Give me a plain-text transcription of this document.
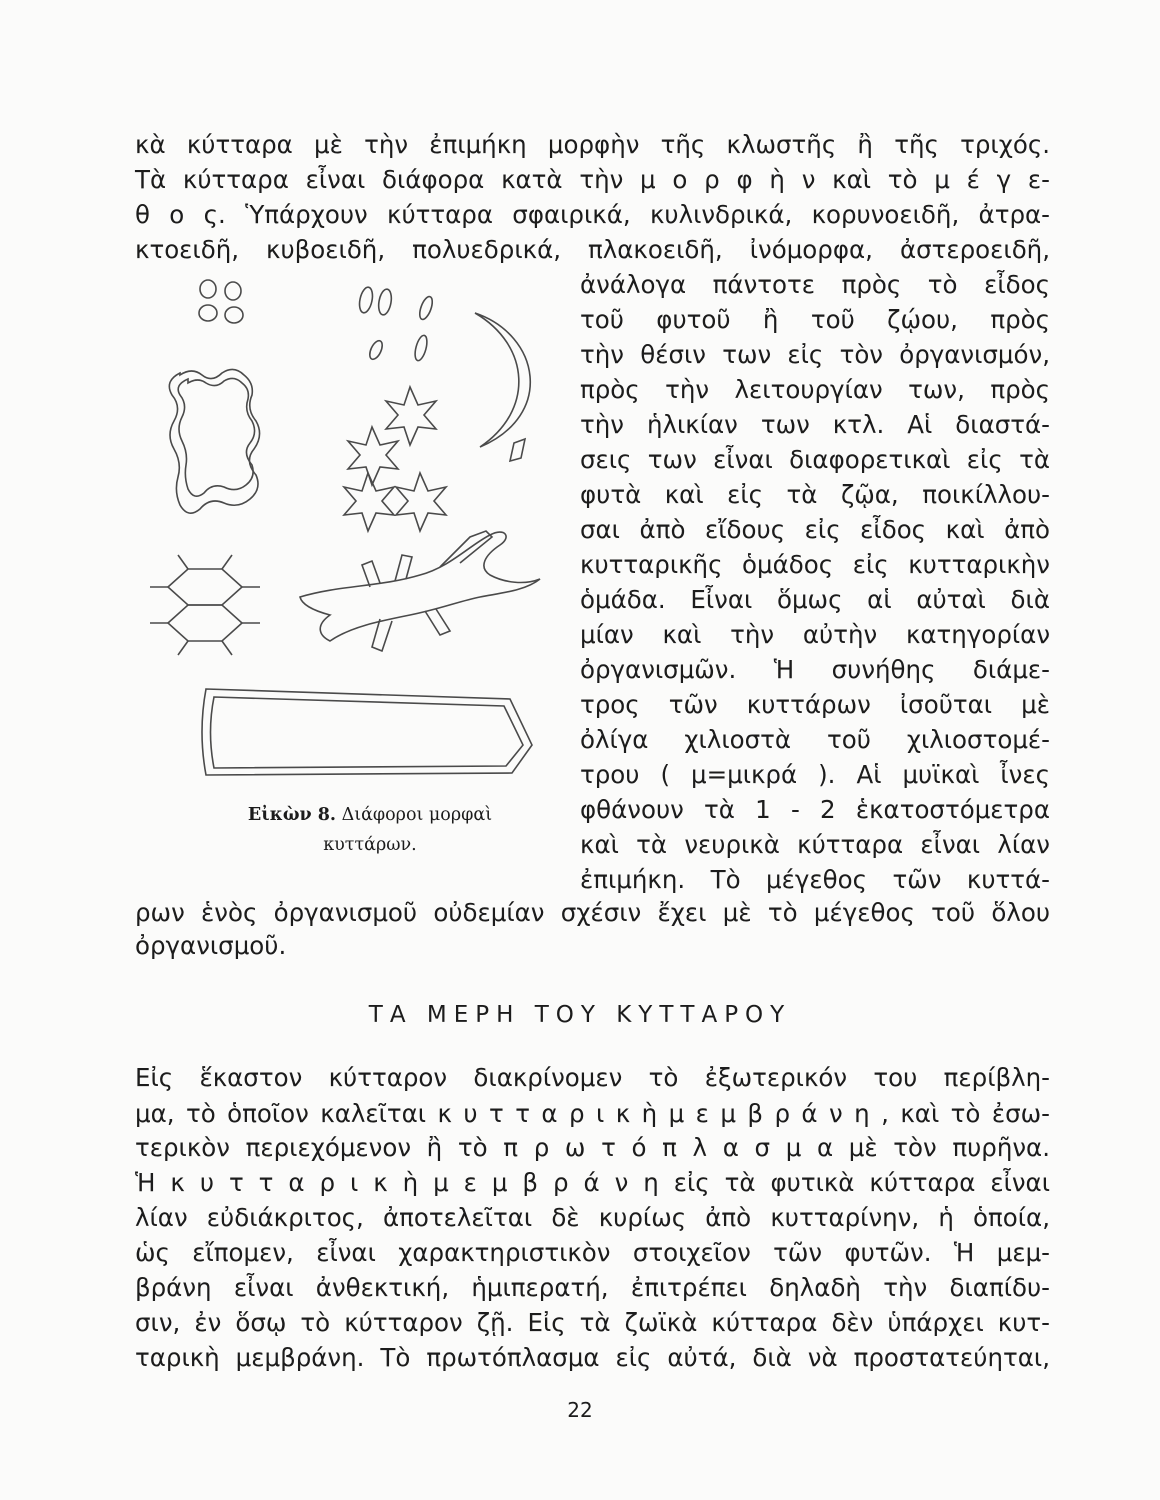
κὰ κύτταρα μὲ τὴν ἐπιμήκη μορφὴν τῆς κλωστῆς ἢ τῆς τριχός.
Τὰ κύτταρα εἶναι διάφορα κατὰ τὴν μ ο ρ φ ὴ ν καὶ τὸ μ έ γ ε-
θ ο ς. Ὑπάρχουν κύτταρα σφαιρικά, κυλινδρικά, κορυνοειδῆ, ἀτρα-
κτοειδῆ, κυβοειδῆ, πολυεδρικά, πλακοειδῆ, ἰνόμορφα, ἀστεροειδῆ,
Εἰκὼν 8. Διάφοροι μορφαὶ
κυττάρων.
ἀνάλογα πάντοτε πρὸς τὸ εἶδος
τοῦ φυτοῦ ἢ τοῦ ζῴου, πρὸς
τὴν θέσιν των εἰς τὸν ὀργανισμόν,
πρὸς τὴν λειτουργίαν των, πρὸς
τὴν ἡλικίαν των κτλ. Αἱ διαστά-
σεις των εἶναι διαφορετικαὶ εἰς τὰ
φυτὰ καὶ εἰς τὰ ζῷα, ποικίλλου-
σαι ἀπὸ εἴδους εἰς εἶδος καὶ ἀπὸ
κυτταρικῆς ὁμάδος εἰς κυτταρικὴν
ὁμάδα. Εἶναι ὅμως αἱ αὐταὶ διὰ
μίαν καὶ τὴν αὐτὴν κατηγορίαν
ὀργανισμῶν. Ἡ συνήθης διάμε-
τρος τῶν κυττάρων ἰσοῦται μὲ
ὀλίγα χιλιοστὰ τοῦ χιλιοστομέ-
τρου ( μ=μικρά ). Αἱ μυϊκαὶ ἶνες
φθάνουν τὰ 1 - 2 ἑκατοστόμετρα
καὶ τὰ νευρικὰ κύτταρα εἶναι λίαν
ἐπιμήκη. Τὸ μέγεθος τῶν κυττά-
ρων ἑνὸς ὀργανισμοῦ οὐδεμίαν σχέσιν ἔχει μὲ τὸ μέγεθος τοῦ ὅλου
ὀργανισμοῦ.
ΤΑ ΜΕΡΗ ΤΟΥ ΚΥΤΤΑΡΟΥ
Εἰς ἕκαστον κύτταρον διακρίνομεν τὸ ἐξωτερικόν του περίβλη-
μα, τὸ ὁποῖον καλεῖται κ υ τ τ α ρ ι κ ὴ μ ε μ β ρ ά ν η , καὶ τὸ ἐσω-
τερικὸν περιεχόμενον ἢ τὸ π ρ ω τ ό π λ α σ μ α μὲ τὸν πυρῆνα.
Ἡ κ υ τ τ α ρ ι κ ὴ μ ε μ β ρ ά ν η εἰς τὰ φυτικὰ κύτταρα εἶναι
λίαν εὐδιάκριτος, ἀποτελεῖται δὲ κυρίως ἀπὸ κυτταρίνην, ἡ ὁποία,
ὡς εἴπομεν, εἶναι χαρακτηριστικὸν στοιχεῖον τῶν φυτῶν. Ἡ μεμ-
βράνη εἶναι ἀνθεκτική, ἡμιπερατή, ἐπιτρέπει δηλαδὴ τὴν διαπίδυ-
σιν, ἐν ὅσῳ τὸ κύτταρον ζῇ. Εἰς τὰ ζωϊκὰ κύτταρα δὲν ὑπάρχει κυτ-
ταρικὴ μεμβράνη. Τὸ πρωτόπλασμα εἰς αὐτά, διὰ νὰ προστατεύηται,
22
